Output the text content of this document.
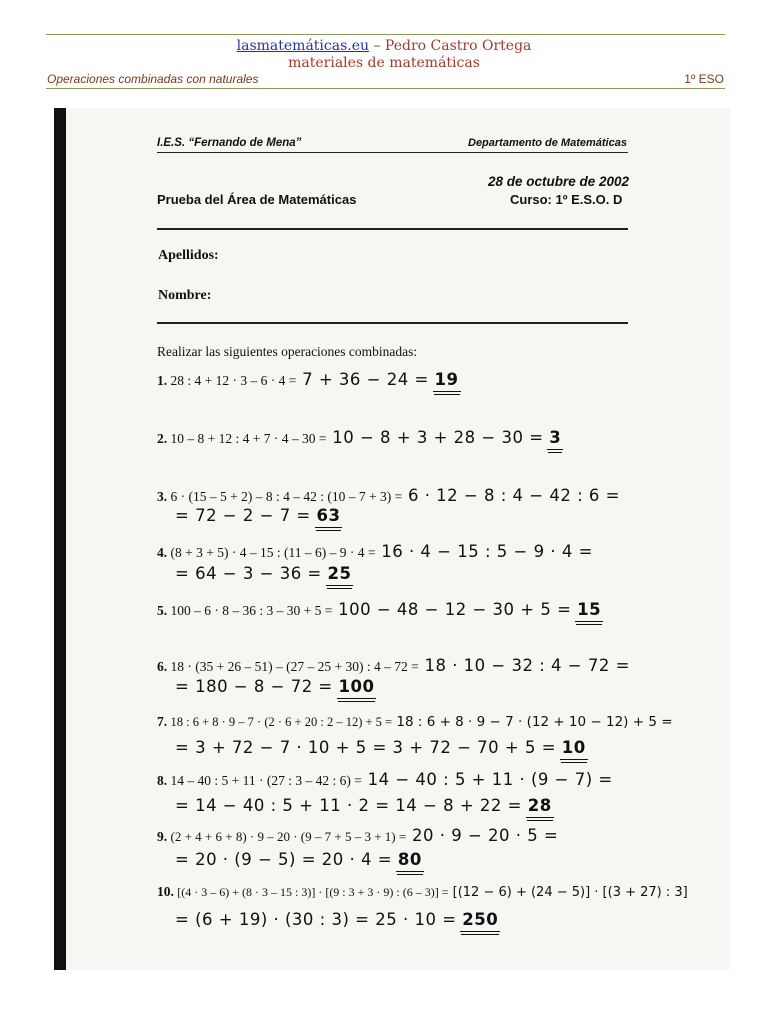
lasmatemáticas.eu – Pedro Castro Ortega
materiales de matemáticas
Operaciones combinadas con naturales	1º ESO
I.E.S. “Fernando de Mena”	Departamento de Matemáticas
28 de octubre de 2002
Prueba del Área de Matemáticas	Curso: 1º E.S.O. D
Apellidos:
Nombre:
Realizar las siguientes operaciones combinadas:
1. 28 : 4 + 12 · 3 – 6 · 4 = 7 + 36 − 24 = 19
2. 10 – 8 + 12 : 4 + 7 · 4 – 30 = 10 − 8 + 3 + 28 − 30 = 3
3. 6 · (15 – 5 + 2) – 8 : 4 – 42 : (10 – 7 + 3) = 6 · 12 − 8 : 4 − 42 : 6 =
= 72 − 2 − 7 = 63
4. (8 + 3 + 5) · 4 – 15 : (11 – 6) – 9 · 4 = 16 · 4 − 15 : 5 − 9 · 4 =
= 64 − 3 − 36 = 25
5. 100 – 6 · 8 – 36 : 3 – 30 + 5 = 100 − 48 − 12 − 30 + 5 = 15
6. 18 · (35 + 26 – 51) – (27 – 25 + 30) : 4 – 72 = 18 · 10 − 32 : 4 − 72 =
= 180 − 8 − 72 = 100
7. 18 : 6 + 8 · 9 – 7 · (2 · 6 + 20 : 2 – 12) + 5 = 18 : 6 + 8 · 9 − 7 · (12 + 10 − 12) + 5 =
= 3 + 72 − 7 · 10 + 5 = 3 + 72 − 70 + 5 = 10
8. 14 – 40 : 5 + 11 · (27 : 3 – 42 : 6) = 14 − 40 : 5 + 11 · (9 − 7) =
= 14 − 40 : 5 + 11 · 2 = 14 − 8 + 22 = 28
9. (2 + 4 + 6 + 8) · 9 – 20 · (9 – 7 + 5 – 3 + 1) = 20 · 9 − 20 · 5 =
= 20 · (9 − 5) = 20 · 4 = 80
10. [(4 · 3 – 6) + (8 · 3 – 15 : 3)] · [(9 : 3 + 3 · 9) : (6 – 3)] = [(12 − 6) + (24 − 5)] · [(3 + 27) : 3]
= (6 + 19) · (30 : 3) = 25 · 10 = 250
